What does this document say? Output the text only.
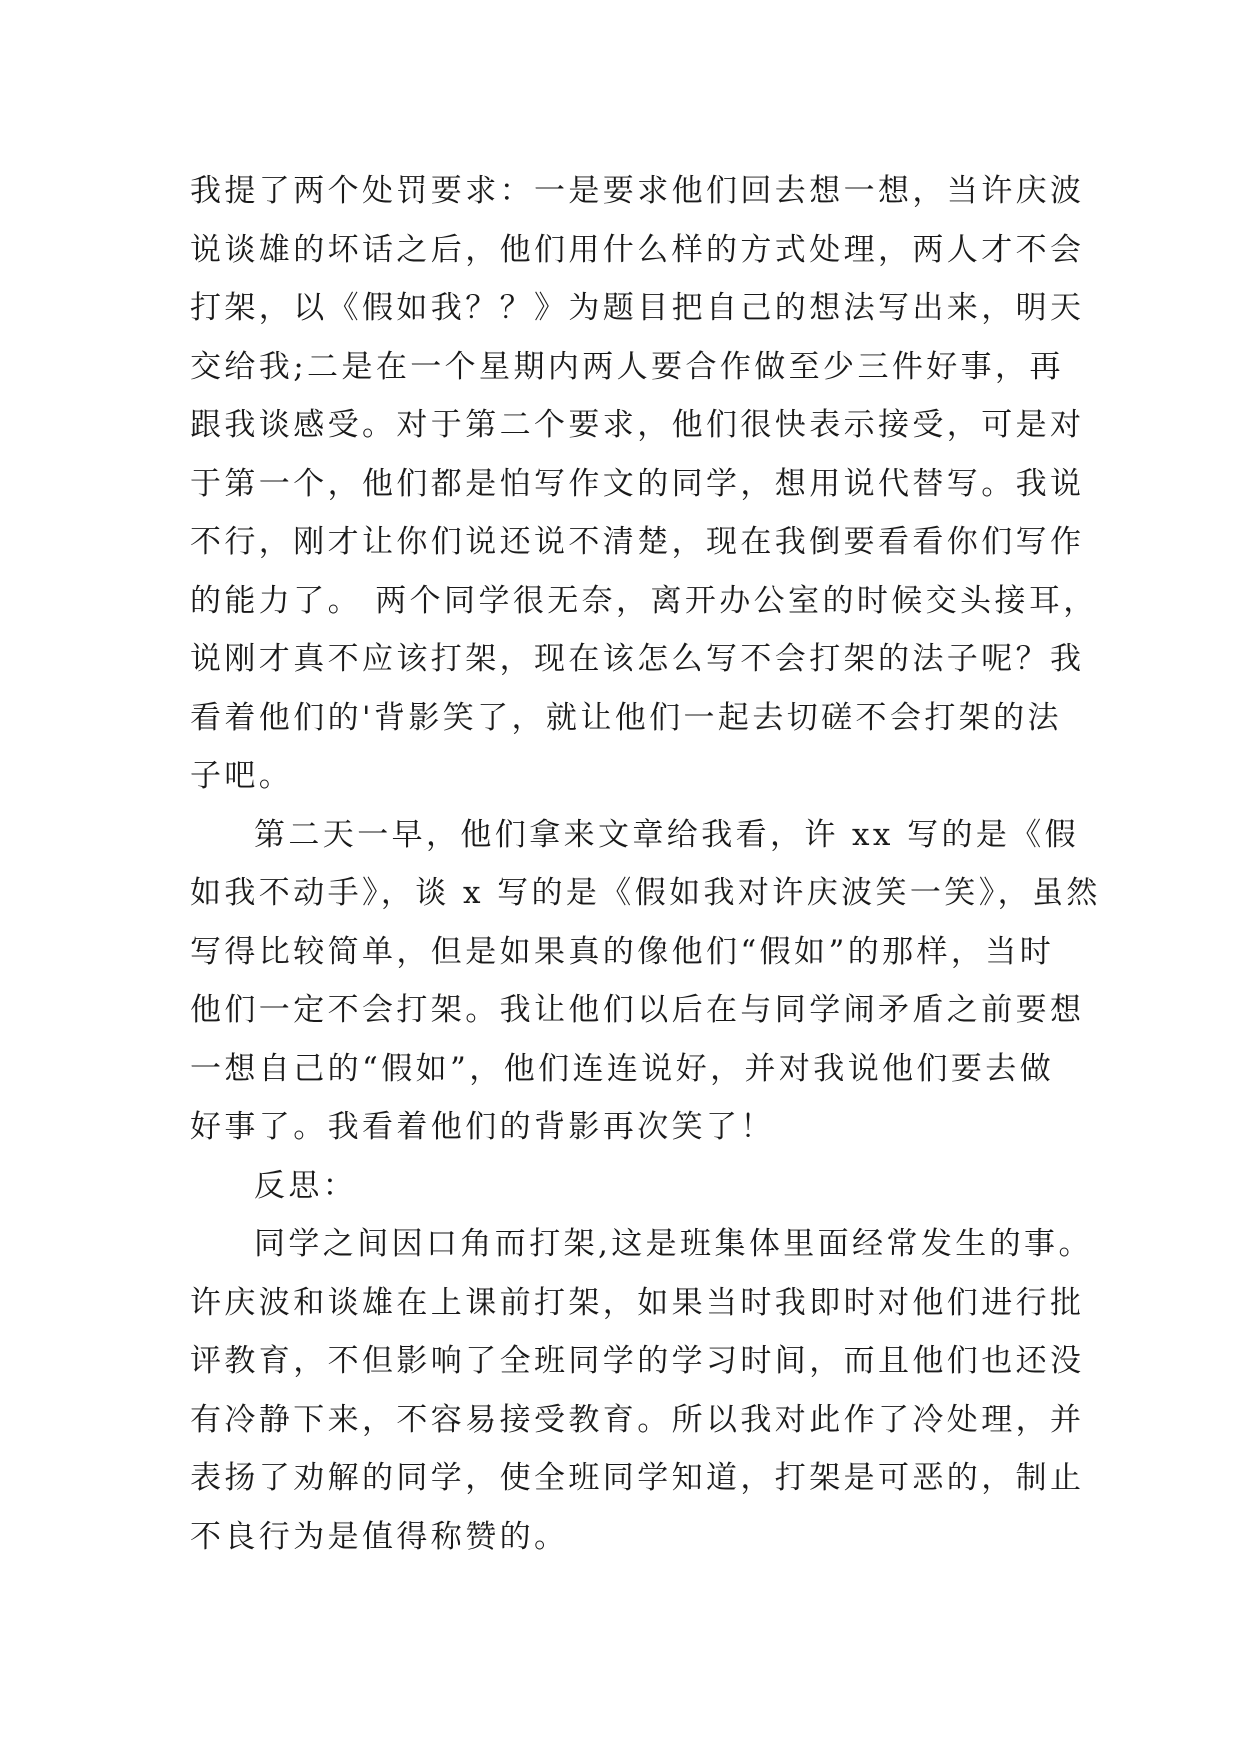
我提了两个处罚要求：一是要求他们回去想一想，当许庆波
说谈雄的坏话之后，他们用什么样的方式处理，两人才不会
打架，以《假如我？？》为题目把自己的想法写出来，明天
交给我;二是在一个星期内两人要合作做至少三件好事，再
跟我谈感受。对于第二个要求，他们很快表示接受，可是对
于第一个，他们都是怕写作文的同学，想用说代替写。我说
不行，刚才让你们说还说不清楚，现在我倒要看看你们写作
的能力了。 两个同学很无奈，离开办公室的时候交头接耳，
说刚才真不应该打架，现在该怎么写不会打架的法子呢？我
看着他们的'背影笑了，就让他们一起去切磋不会打架的法
子吧。
第二天一早，他们拿来文章给我看，许 xx 写的是《假
如我不动手》，谈 x 写的是《假如我对许庆波笑一笑》，虽然
写得比较简单，但是如果真的像他们“假如”的那样，当时
他们一定不会打架。我让他们以后在与同学闹矛盾之前要想
一想自己的“假如”，他们连连说好，并对我说他们要去做
好事了。我看着他们的背影再次笑了！
反思：
同学之间因口角而打架,这是班集体里面经常发生的事。
许庆波和谈雄在上课前打架，如果当时我即时对他们进行批
评教育，不但影响了全班同学的学习时间，而且他们也还没
有冷静下来，不容易接受教育。所以我对此作了冷处理，并
表扬了劝解的同学，使全班同学知道，打架是可恶的，制止
不良行为是值得称赞的。
